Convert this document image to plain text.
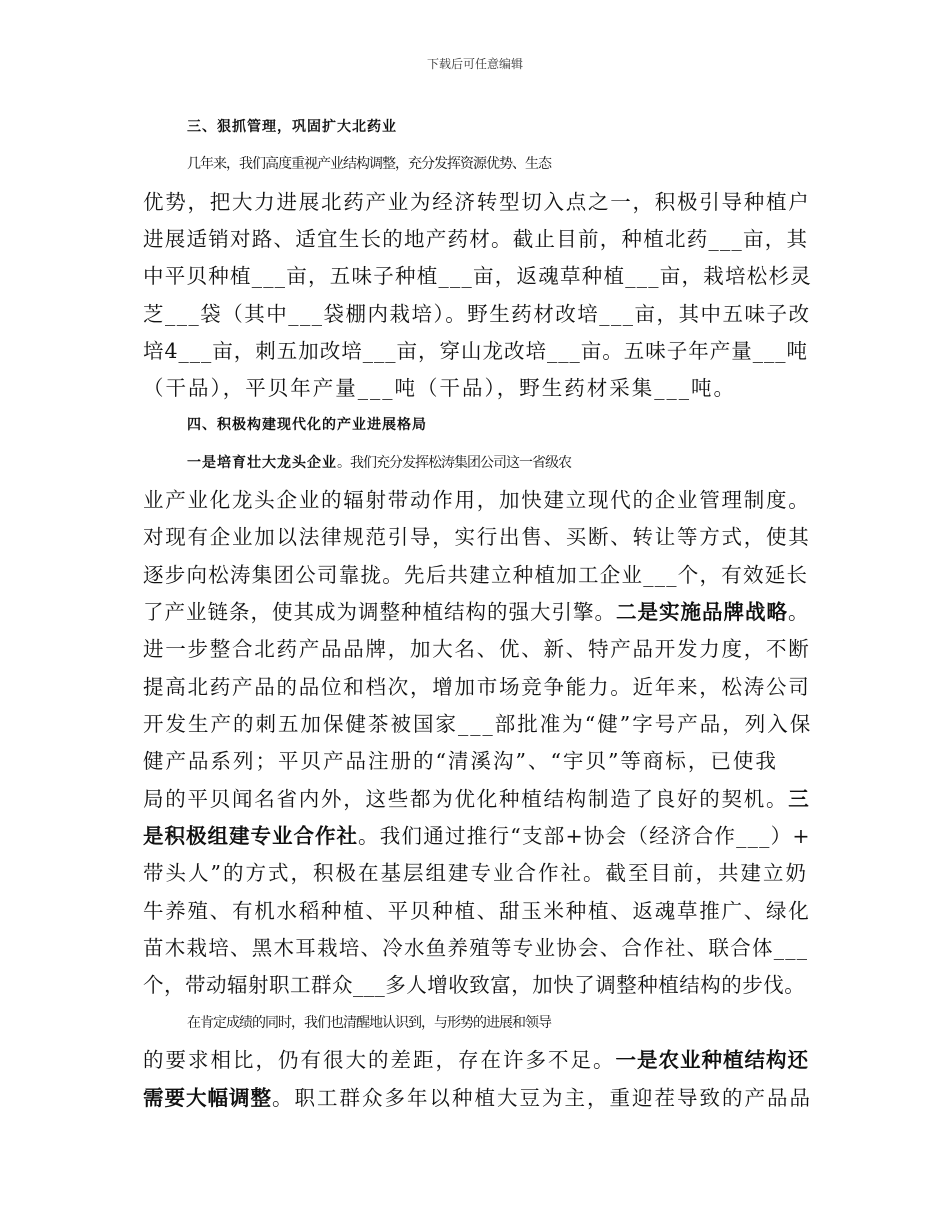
下载后可任意编辑
三、狠抓管理，巩固扩大北药业
几年来，我们高度重视产业结构调整，充分发挥资源优势、生态
优势，把大力进展北药产业为经济转型切入点之一，积极引导种植户
进展适销对路、适宜生长的地产药材。截止目前，种植北药___亩，其
中平贝种植___亩，五味子种植___亩，返魂草种植___亩，栽培松杉灵
芝___袋（其中___袋棚内栽培）。野生药材改培___亩，其中五味子改
培4___亩，刺五加改培___亩，穿山龙改培___亩。五味子年产量___吨
（干品），平贝年产量___吨（干品），野生药材采集___吨。
四、积极构建现代化的产业进展格局
一是培育壮大龙头企业。我们充分发挥松涛集团公司这一省级农
业产业化龙头企业的辐射带动作用，加快建立现代的企业管理制度。
对现有企业加以法律规范引导，实行出售、买断、转让等方式，使其
逐步向松涛集团公司靠拢。先后共建立种植加工企业___个，有效延长
了产业链条，使其成为调整种植结构的强大引擎。二是实施品牌战略。
进一步整合北药产品品牌，加大名、优、新、特产品开发力度，不断
提高北药产品的品位和档次，增加市场竞争能力。近年来，松涛公司
开发生产的刺五加保健茶被国家___部批准为“健”字号产品，列入保
健产品系列；平贝产品注册的“清溪沟”、“宇贝”等商标，已使我
局的平贝闻名省内外，这些都为优化种植结构制造了良好的契机。三
是积极组建专业合作社。我们通过推行“支部+协会（经济合作___）+
带头人”的方式，积极在基层组建专业合作社。截至目前，共建立奶
牛养殖、有机水稻种植、平贝种植、甜玉米种植、返魂草推广、绿化
苗木栽培、黑木耳栽培、冷水鱼养殖等专业协会、合作社、联合体___
个，带动辐射职工群众___多人增收致富，加快了调整种植结构的步伐。
在肯定成绩的同时，我们也清醒地认识到，与形势的进展和领导
的要求相比，仍有很大的差距，存在许多不足。一是农业种植结构还
需要大幅调整。职工群众多年以种植大豆为主，重迎茬导致的产品品
